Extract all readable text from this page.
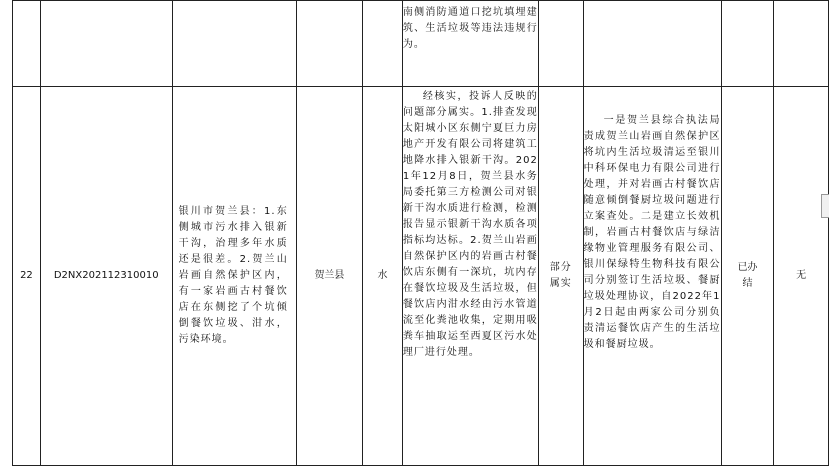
					南侧消防通道口挖坑填埋建筑、生活垃圾等违法违规行为。				
22	D2NX202112310010	银川市贺兰县：1.东侧城市污水排入银新干沟，治理多年水质还是很差。2.贺兰山岩画自然保护区内，有一家岩画古村餐饮店在东侧挖了个坑倾倒餐饮垃圾、泔水，污染环境。	贺兰县	水	经核实，投诉人反映的问题部分属实。1.排查发现太阳城小区东侧宁夏巨力房地产开发有限公司将建筑工地降水排入银新干沟。2021年12月8日，贺兰县水务局委托第三方检测公司对银新干沟水质进行检测，检测报告显示银新干沟水质各项指标均达标。2.贺兰山岩画自然保护区内的岩画古村餐饮店东侧有一深坑，坑内存在餐饮垃圾及生活垃圾，但餐饮店内泔水经由污水管道流至化粪池收集，定期用吸粪车抽取运至西夏区污水处理厂进行处理。	部分属实	一是贺兰县综合执法局责成贺兰山岩画自然保护区将坑内生活垃圾清运至银川中科环保电力有限公司进行处理，并对岩画古村餐饮店随意倾倒餐厨垃圾问题进行立案查处。二是建立长效机制，岩画古村餐饮店与绿洁缘物业管理服务有限公司、银川保绿特生物科技有限公司分别签订生活垃圾、餐厨垃圾处理协议，自2022年1月2日起由两家公司分别负责清运餐饮店产生的生活垃圾和餐厨垃圾。	已办结	无
